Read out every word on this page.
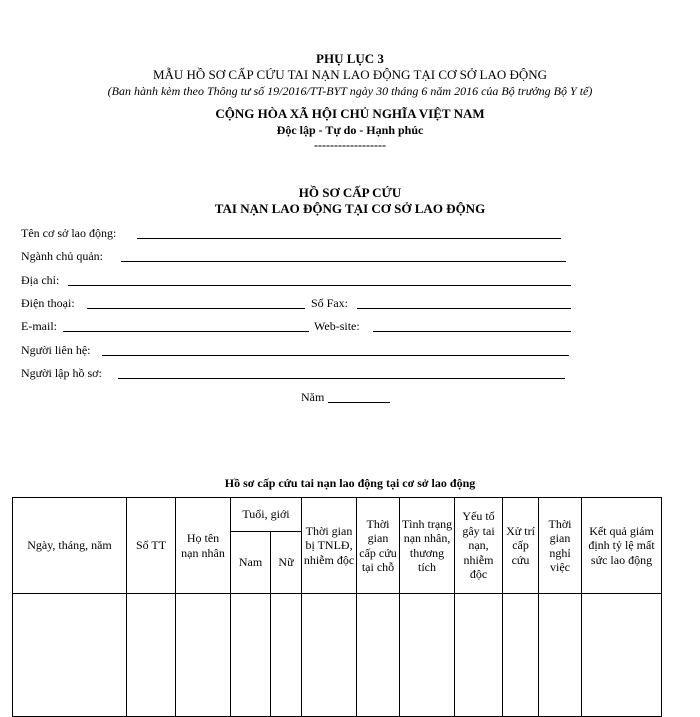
PHỤ LỤC 3
MẪU HỒ SƠ CẤP CỨU TAI NẠN LAO ĐỘNG TẠI CƠ SỞ LAO ĐỘNG
(Ban hành kèm theo Thông tư số 19/2016/TT-BYT ngày 30 tháng 6 năm 2016 của Bộ trưởng Bộ Y tế)
CỘNG HÒA XÃ HỘI CHỦ NGHĨA VIỆT NAM
Độc lập - Tự do - Hạnh phúc
------------------
HỒ SƠ CẤP CỨU
TAI NẠN LAO ĐỘNG TẠI CƠ SỞ LAO ĐỘNG
Tên cơ sở lao động:
Ngành chủ quản:
Địa chỉ:
Điện thoại:	Số Fax:
E-mail:	Web-site:
Người liên hệ:
Người lập hồ sơ:
Năm
Hồ sơ cấp cứu tai nạn lao động tại cơ sở lao động
Ngày, tháng, năm	Số TT	Họ tên nạn nhân	Tuổi, giới		Thời gian bị TNLĐ, nhiễm độc	Thời gian cấp cứu tại chỗ	Tình trạng nạn nhân, thương tích	Yếu tố gây tai nạn, nhiễm độc	Xử trí cấp cứu	Thời gian nghỉ việc	Kết quả giám định tỷ lệ mất sức lao động
			Nam	Nữ							
